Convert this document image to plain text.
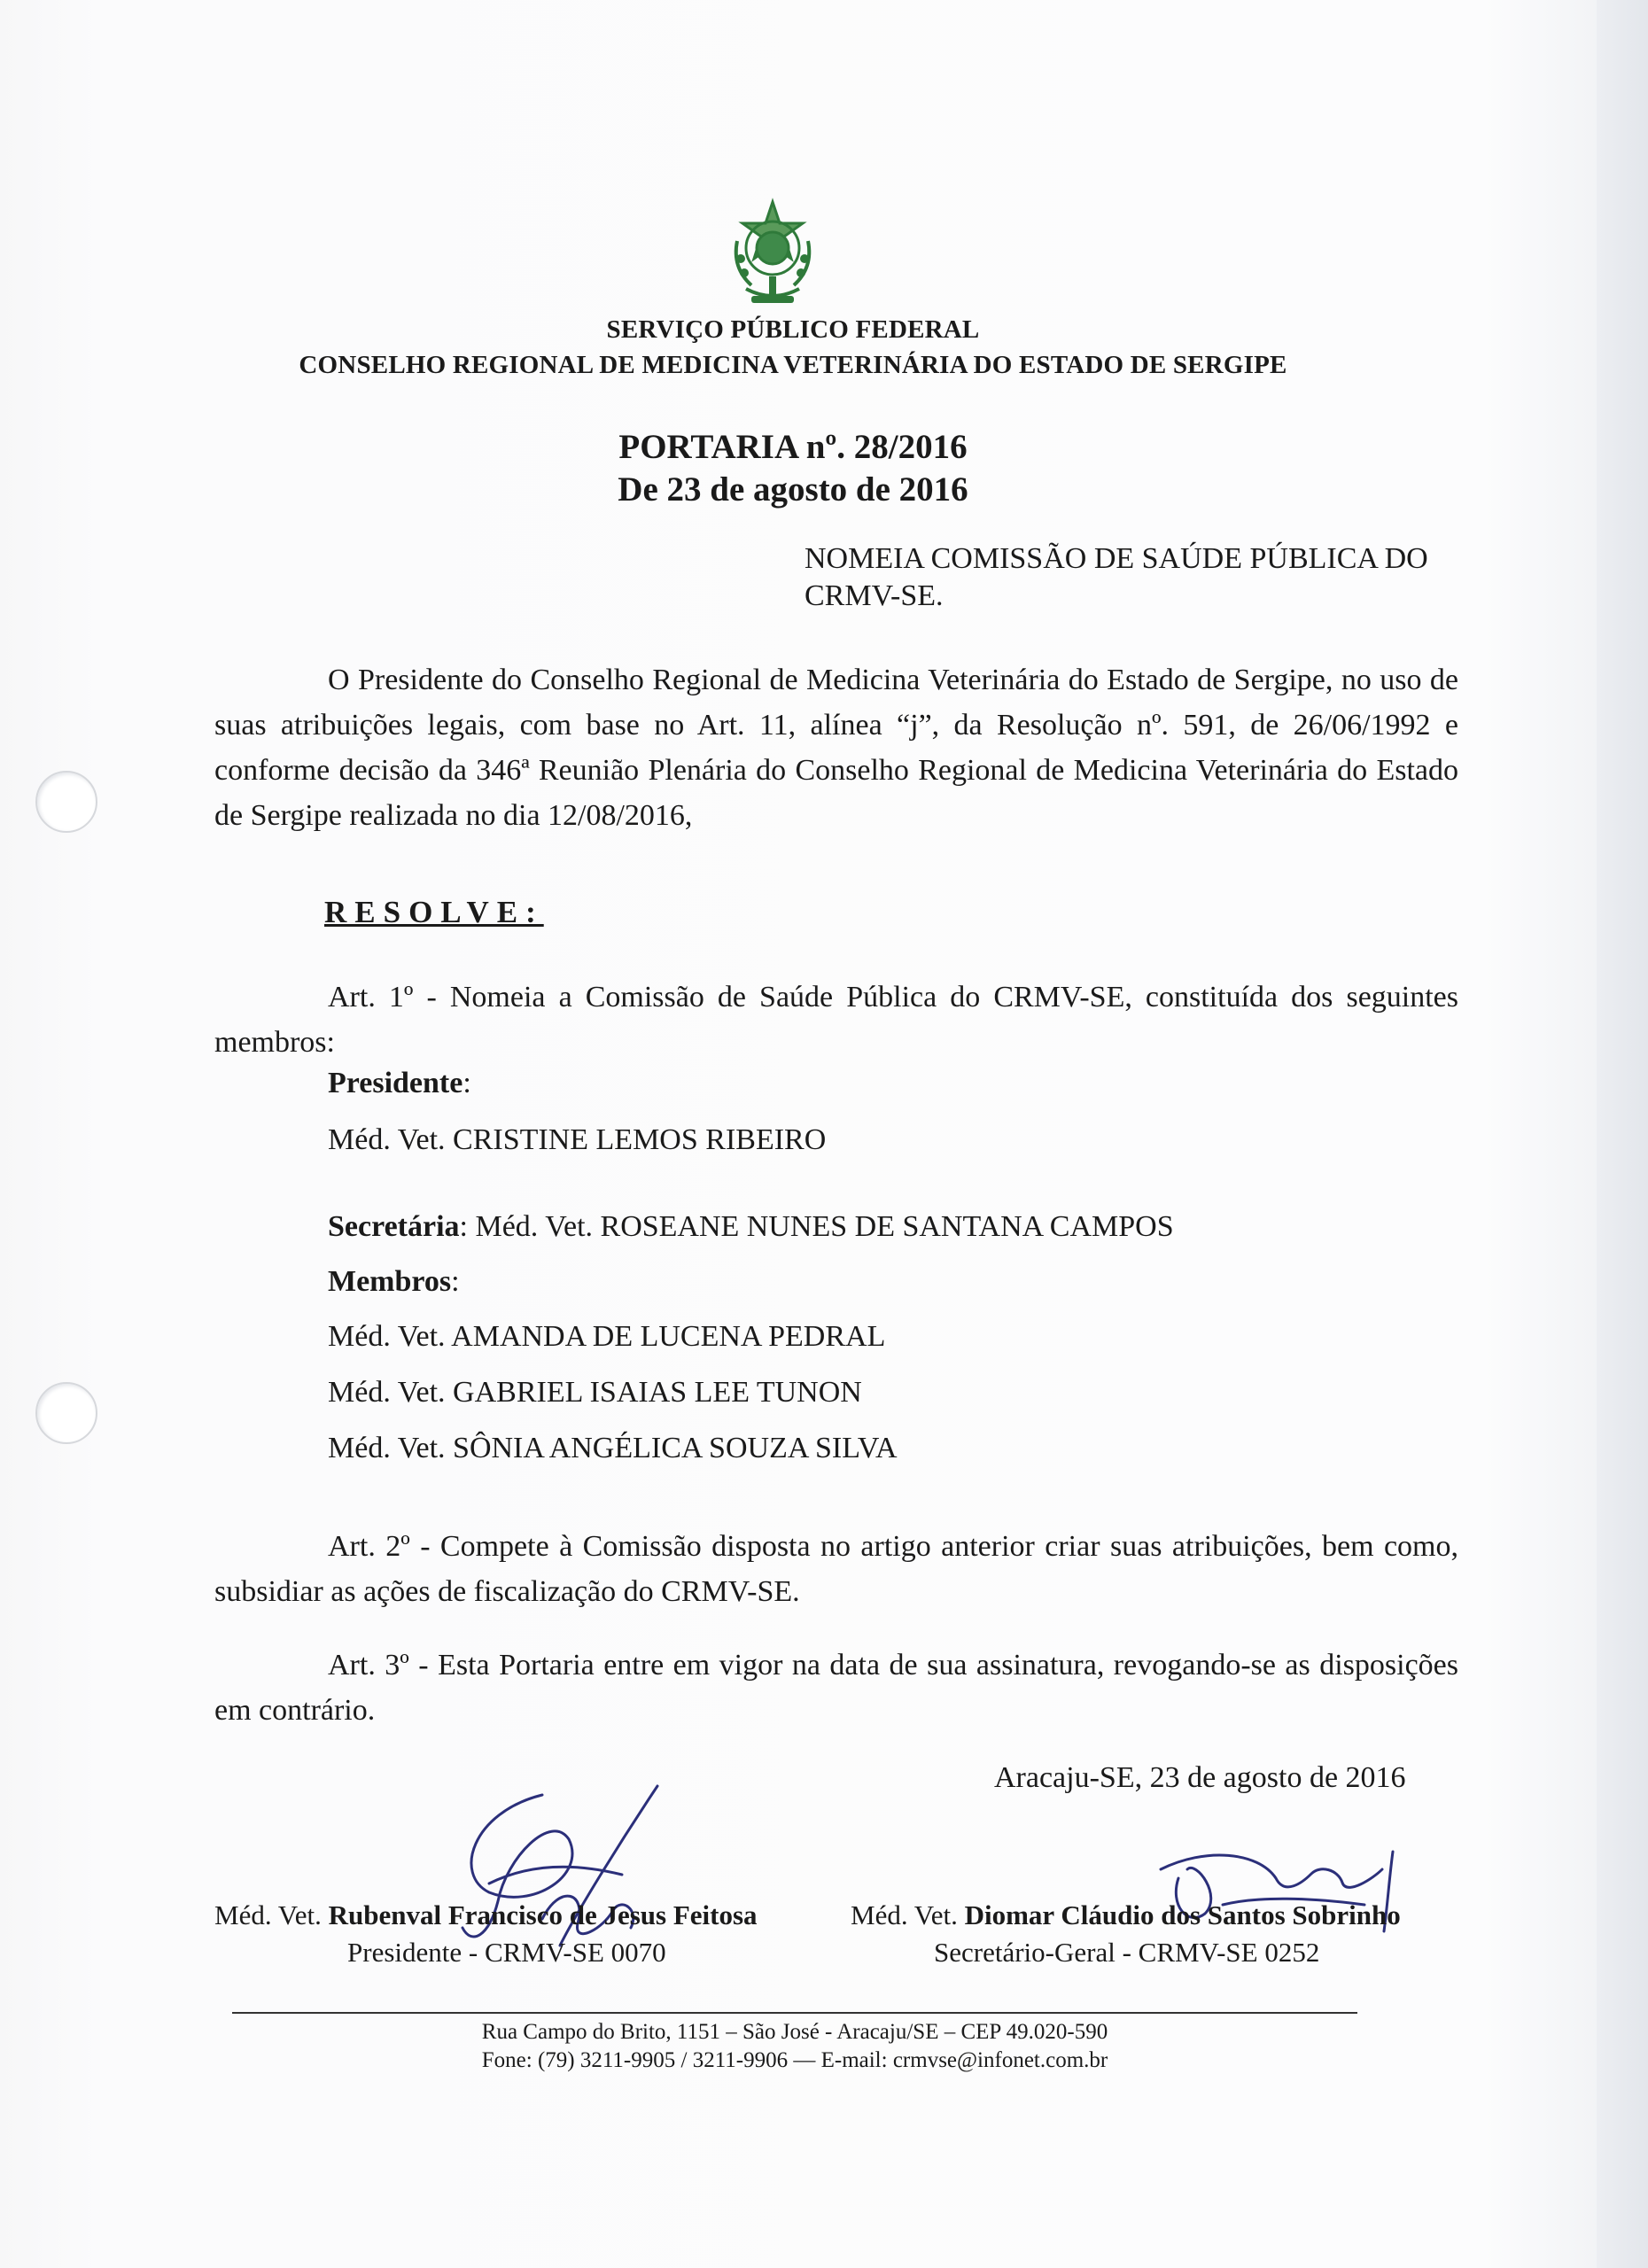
SERVIÇO PÚBLICO FEDERAL
CONSELHO REGIONAL DE MEDICINA VETERINÁRIA DO ESTADO DE SERGIPE
PORTARIA nº. 28/2016
De 23 de agosto de 2016
NOMEIA COMISSÃO DE SAÚDE PÚBLICA DO
CRMV-SE.
O Presidente do Conselho Regional de Medicina Veterinária do Estado de Sergipe, no uso de suas atribuições legais, com base no Art. 11, alínea “j”, da Resolução nº. 591, de 26/06/1992 e conforme decisão da 346ª Reunião Plenária do Conselho Regional de Medicina Veterinária do Estado de Sergipe realizada no dia 12/08/2016,
RESOLVE:
Art. 1º - Nomeia a Comissão de Saúde Pública do CRMV-SE, constituída dos seguintes membros:
Presidente:
Méd. Vet. CRISTINE LEMOS RIBEIRO
Secretária: Méd. Vet. ROSEANE NUNES DE SANTANA CAMPOS
Membros:
Méd. Vet. AMANDA DE LUCENA PEDRAL
Méd. Vet. GABRIEL ISAIAS LEE TUNON
Méd. Vet. SÔNIA ANGÉLICA SOUZA SILVA
Art. 2º - Compete à Comissão disposta no artigo anterior criar suas atribuições, bem como, subsidiar as ações de fiscalização do CRMV-SE.
Art. 3º - Esta Portaria entre em vigor na data de sua assinatura, revogando-se as disposições em contrário.
Aracaju-SE, 23 de agosto de 2016
Méd. Vet. Rubenval Francisco de Jesus Feitosa
Presidente - CRMV-SE 0070
Méd. Vet. Diomar Cláudio dos Santos Sobrinho
Secretário-Geral - CRMV-SE 0252
Rua Campo do Brito, 1151 – São José - Aracaju/SE – CEP 49.020-590
Fone: (79) 3211-9905 / 3211-9906 — E-mail: crmvse@infonet.com.br
